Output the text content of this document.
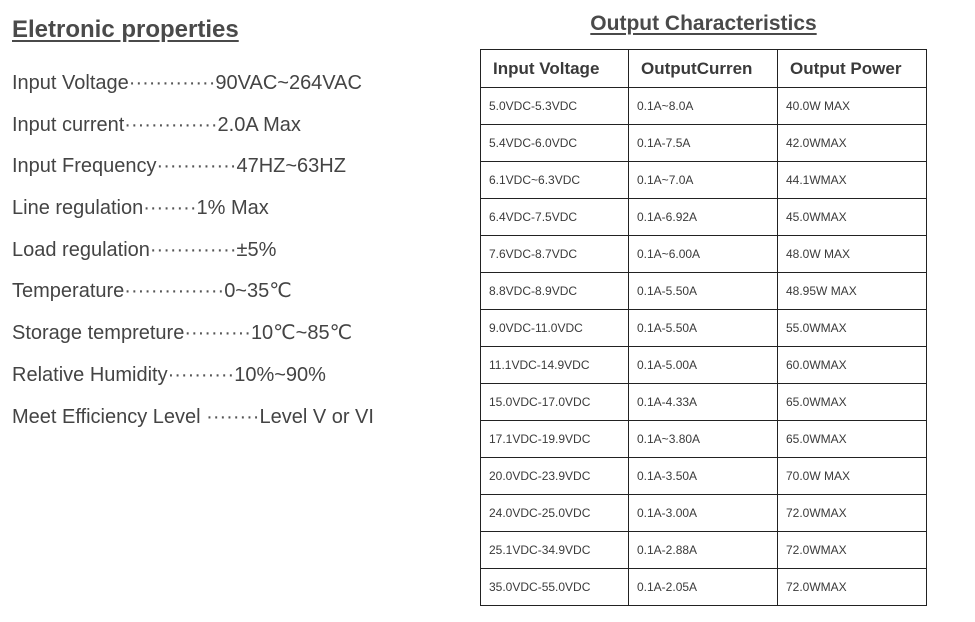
Eletronic properties
Input Voltage·············90VAC~264VAC
Input current··············2.0A Max
Input Frequency············47HZ~63HZ
Line regulation········1% Max
Load regulation·············±5%
Temperature···············0~35℃
Storage tempreture··········10℃~85℃
Relative Humidity··········10%~90%
Meet Efficiency Level ········Level V or VI
Output Characteristics
Input Voltage	OutputCurren	Output Power
5.0VDC-5.3VDC	0.1A~8.0A	40.0W MAX
5.4VDC-6.0VDC	0.1A-7.5A	42.0WMAX
6.1VDC~6.3VDC	0.1A~7.0A	44.1WMAX
6.4VDC-7.5VDC	0.1A-6.92A	45.0WMAX
7.6VDC-8.7VDC	0.1A~6.00A	48.0W MAX
8.8VDC-8.9VDC	0.1A-5.50A	48.95W MAX
9.0VDC-11.0VDC	0.1A-5.50A	55.0WMAX
11.1VDC-14.9VDC	0.1A-5.00A	60.0WMAX
15.0VDC-17.0VDC	0.1A-4.33A	65.0WMAX
17.1VDC-19.9VDC	0.1A~3.80A	65.0WMAX
20.0VDC-23.9VDC	0.1A-3.50A	70.0W MAX
24.0VDC-25.0VDC	0.1A-3.00A	72.0WMAX
25.1VDC-34.9VDC	0.1A-2.88A	72.0WMAX
35.0VDC-55.0VDC	0.1A-2.05A	72.0WMAX
